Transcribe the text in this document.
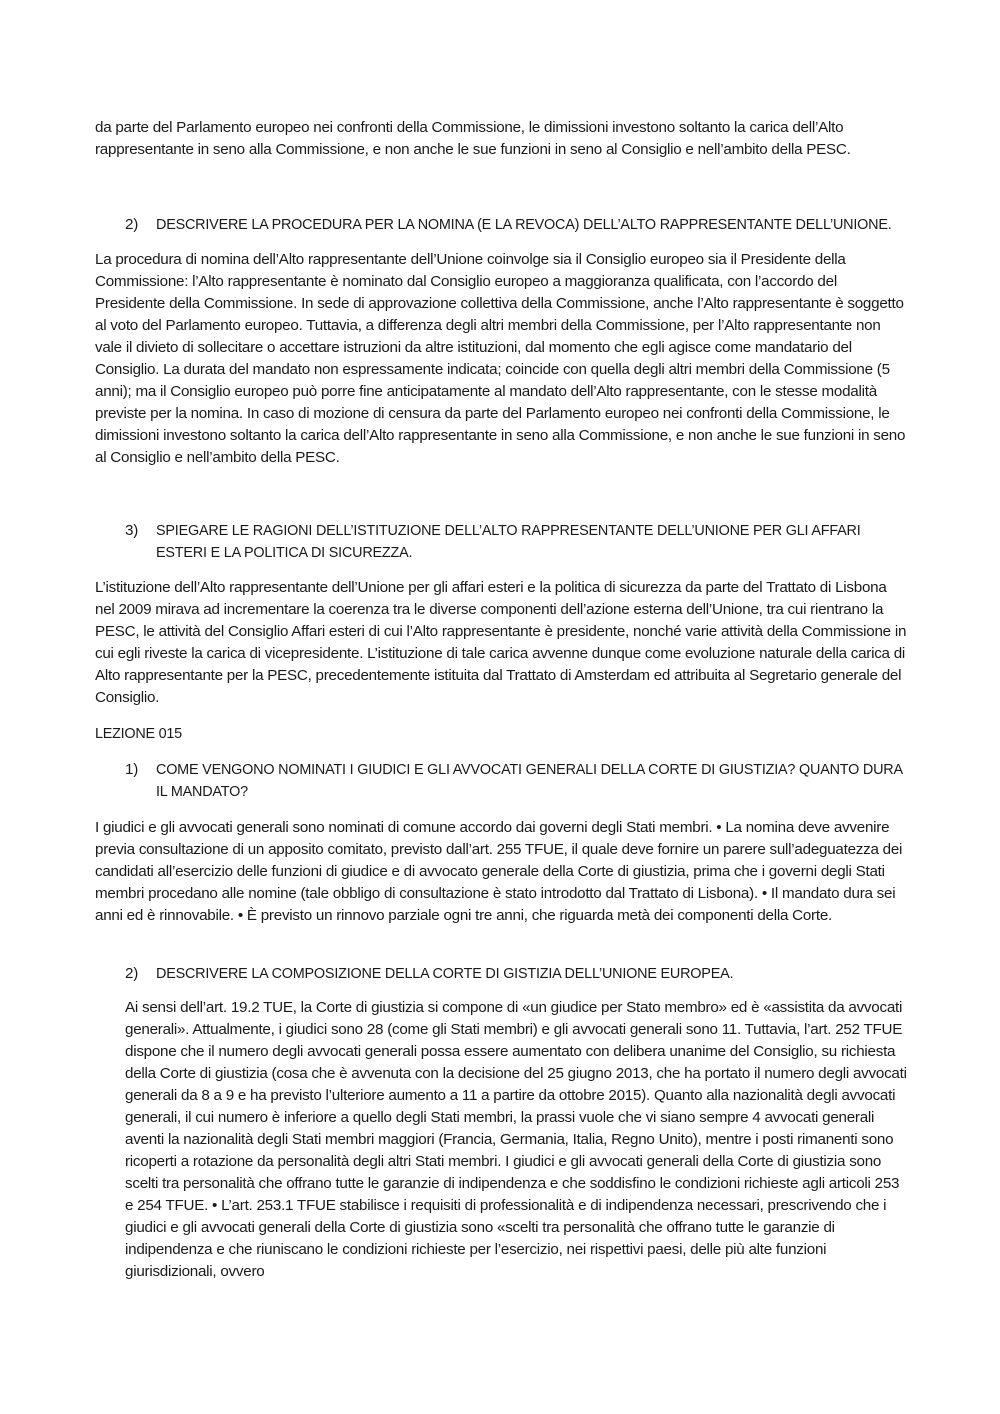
da parte del Parlamento europeo nei confronti della Commissione, le dimissioni investono soltanto la carica dell’Alto rappresentante in seno alla Commissione, e non anche le sue funzioni in seno al Consiglio e nell’ambito della PESC.

2) DESCRIVERE LA PROCEDURA PER LA NOMINA (E LA REVOCA) DELL’ALTO RAPPRESENTANTE DELL’UNIONE.

La procedura di nomina dell’Alto rappresentante dell’Unione coinvolge sia il Consiglio europeo sia il Presidente della Commissione: l’Alto rappresentante è nominato dal Consiglio europeo a maggioranza qualificata, con l’accordo del Presidente della Commissione. In sede di approvazione collettiva della Commissione, anche l’Alto rappresentante è soggetto al voto del Parlamento europeo. Tuttavia, a differenza degli altri membri della Commissione, per l’Alto rappresentante non vale il divieto di sollecitare o accettare istruzioni da altre istituzioni, dal momento che egli agisce come mandatario del Consiglio. La durata del mandato non espressamente indicata; coincide con quella degli altri membri della Commissione (5 anni); ma il Consiglio europeo può porre fine anticipatamente al mandato dell’Alto rappresentante, con le stesse modalità previste per la nomina. In caso di mozione di censura da parte del Parlamento europeo nei confronti della Commissione, le dimissioni investono soltanto la carica dell’Alto rappresentante in seno alla Commissione, e non anche le sue funzioni in seno al Consiglio e nell’ambito della PESC.

3) SPIEGARE LE RAGIONI DELL’ISTITUZIONE DELL’ALTO RAPPRESENTANTE DELL’UNIONE PER GLI AFFARI ESTERI E LA POLITICA DI SICUREZZA.

L’istituzione dell’Alto rappresentante dell’Unione per gli affari esteri e la politica di sicurezza da parte del Trattato di Lisbona nel 2009 mirava ad incrementare la coerenza tra le diverse componenti dell’azione esterna dell’Unione, tra cui rientrano la PESC, le attività del Consiglio Affari esteri di cui l’Alto rappresentante è presidente, nonché varie attività della Commissione in cui egli riveste la carica di vicepresidente. L’istituzione di tale carica avvenne dunque come evoluzione naturale della carica di Alto rappresentante per la PESC, precedentemente istituita dal Trattato di Amsterdam ed attribuita al Segretario generale del Consiglio.

LEZIONE 015

1) COME VENGONO NOMINATI I GIUDICI E GLI AVVOCATI GENERALI DELLA CORTE DI GIUSTIZIA? QUANTO DURA IL MANDATO?

I giudici e gli avvocati generali sono nominati di comune accordo dai governi degli Stati membri. • La nomina deve avvenire previa consultazione di un apposito comitato, previsto dall’art. 255 TFUE, il quale deve fornire un parere sull’adeguatezza dei candidati all’esercizio delle funzioni di giudice e di avvocato generale della Corte di giustizia, prima che i governi degli Stati membri procedano alle nomine (tale obbligo di consultazione è stato introdotto dal Trattato di Lisbona). • Il mandato dura sei anni ed è rinnovabile. • È previsto un rinnovo parziale ogni tre anni, che riguarda metà dei componenti della Corte.

2) DESCRIVERE LA COMPOSIZIONE DELLA CORTE DI GISTIZIA DELL’UNIONE EUROPEA.

Ai sensi dell’art. 19.2 TUE, la Corte di giustizia si compone di «un giudice per Stato membro» ed è «assistita da avvocati generali». Attualmente, i giudici sono 28 (come gli Stati membri) e gli avvocati generali sono 11. Tuttavia, l’art. 252 TFUE dispone che il numero degli avvocati generali possa essere aumentato con delibera unanime del Consiglio, su richiesta della Corte di giustizia (cosa che è avvenuta con la decisione del 25 giugno 2013, che ha portato il numero degli avvocati generali da 8 a 9 e ha previsto l’ulteriore aumento a 11 a partire da ottobre 2015). Quanto alla nazionalità degli avvocati generali, il cui numero è inferiore a quello degli Stati membri, la prassi vuole che vi siano sempre 4 avvocati generali aventi la nazionalità degli Stati membri maggiori (Francia, Germania, Italia, Regno Unito), mentre i posti rimanenti sono ricoperti a rotazione da personalità degli altri Stati membri. I giudici e gli avvocati generali della Corte di giustizia sono scelti tra personalità che offrano tutte le garanzie di indipendenza e che soddisfino le condizioni richieste agli articoli 253 e 254 TFUE. • L’art. 253.1 TFUE stabilisce i requisiti di professionalità e di indipendenza necessari, prescrivendo che i giudici e gli avvocati generali della Corte di giustizia sono «scelti tra personalità che offrano tutte le garanzie di indipendenza e che riuniscano le condizioni richieste per l’esercizio, nei rispettivi paesi, delle più alte funzioni giurisdizionali, ovvero
